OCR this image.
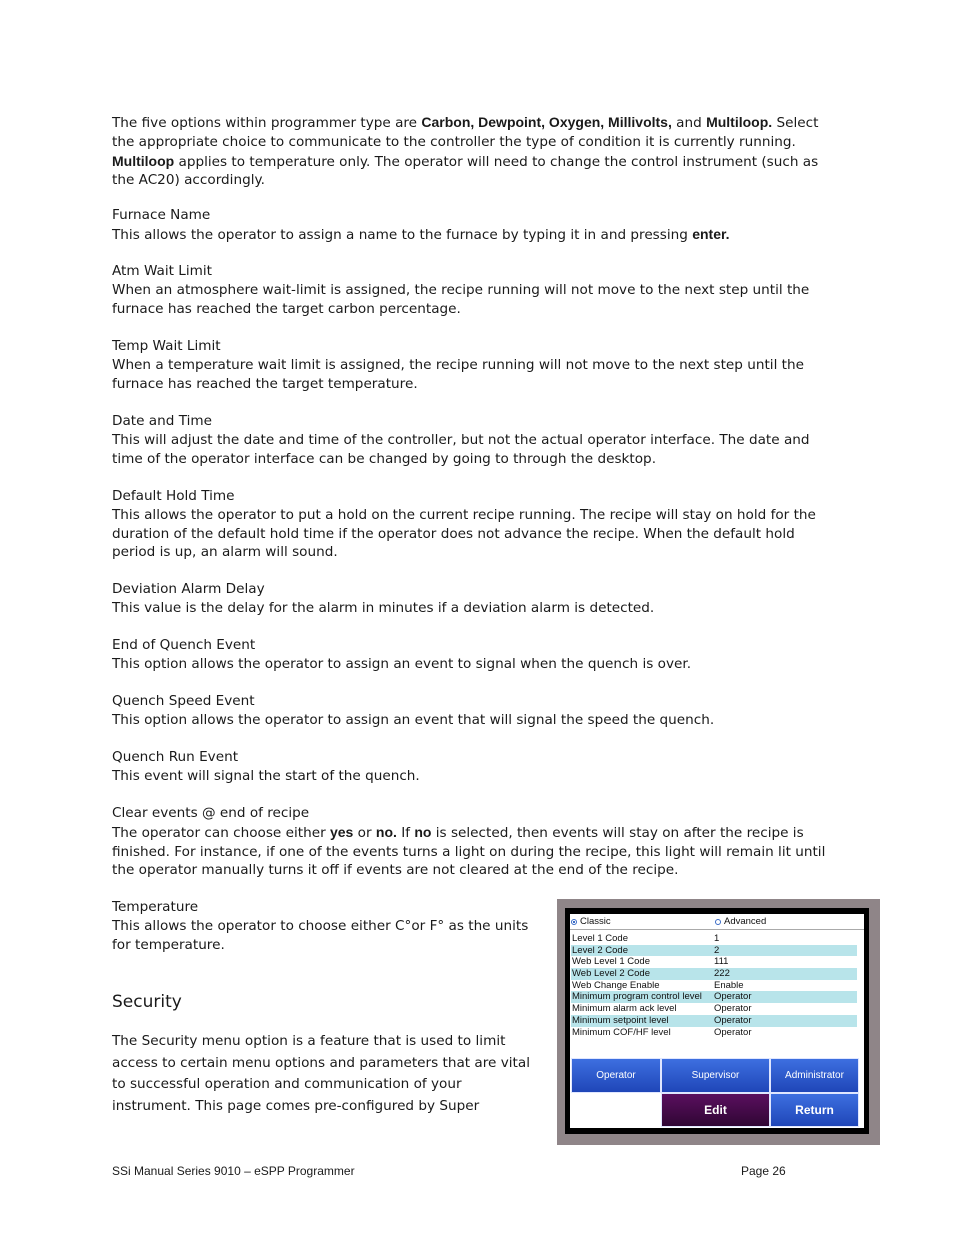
The five options within programmer type are Carbon, Dewpoint, Oxygen, Millivolts, and Multiloop. Select the appropriate choice to communicate to the controller the type of condition it is currently running. Multiloop applies to temperature only. The operator will need to change the control instrument (such as the AC20) accordingly.

Furnace Name

This allows the operator to assign a name to the furnace by typing it in and pressing enter.

Atm Wait Limit

When an atmosphere wait-limit is assigned, the recipe running will not move to the next step until the furnace has reached the target carbon percentage.

Temp Wait Limit

When a temperature wait limit is assigned, the recipe running will not move to the next step until the furnace has reached the target temperature.

Date and Time

This will adjust the date and time of the controller, but not the actual operator interface. The date and time of the operator interface can be changed by going to through the desktop.

Default Hold Time

This allows the operator to put a hold on the current recipe running. The recipe will stay on hold for the duration of the default hold time if the operator does not advance the recipe. When the default hold period is up, an alarm will sound.

Deviation Alarm Delay

This value is the delay for the alarm in minutes if a deviation alarm is detected.

End of Quench Event

This option allows the operator to assign an event to signal when the quench is over.

Quench Speed Event

This option allows the operator to assign an event that will signal the speed the quench.

Quench Run Event

This event will signal the start of the quench.

Clear events @ end of recipe

The operator can choose either yes or no. If no is selected, then events will stay on after the recipe is finished. For instance, if one of the events turns a light on during the recipe, this light will remain lit until the operator manually turns it off if events are not cleared at the end of the recipe.

Temperature

This allows the operator to choose either C°or F° as the units for temperature.

Security
The Security menu option is a feature that is used to limit access to certain menu options and parameters that are vital to successful operation and communication of your instrument. This page comes pre-configured by Super
Classic	Advanced
Level 1 Code	1
Level 2 Code	2
Web Level 1 Code	111
Web Level 2 Code	222
Web Change Enable	Enable
Minimum program control level Operator
Minimum alarm ack level	Operator
Minimum setpoint level	Operator
Minimum COF/HF level	Operator
Operator	Supervisor	Administrator
Edit	Return
SSi Manual Series 9010 – eSPP Programmer	Page 26
